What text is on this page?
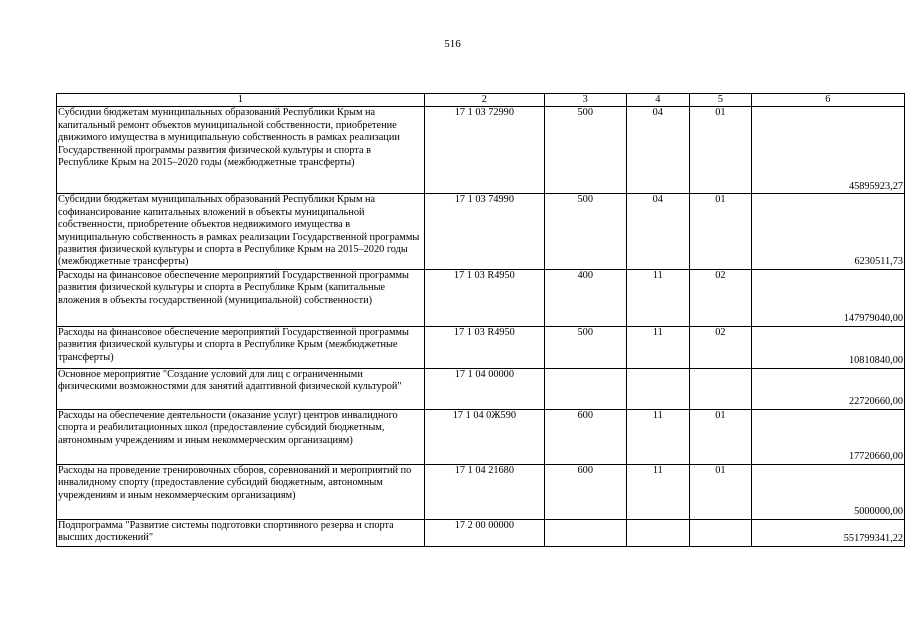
516
1	2	3	4	5	6
Субсидии бюджетам муниципальных образований Республики Крым на капитальный ремонт объектов муниципальной собственности, приобретение движимого имущества в муниципальную собственность в рамках реализации Государственной программы развития физической культуры и спорта в Республике Крым на 2015–2020 годы (межбюджетные трансферты)	17 1 03 72990	500	04	01	45895923,27
Субсидии бюджетам муниципальных образований Республики Крым на софинансирование капитальных вложений в объекты муниципальной собственности, приобретение объектов недвижимого имущества в муниципальную собственность в рамках реализации Государственной программы развития физической культуры и спорта в Республике Крым на 2015–2020 годы (межбюджетные трансферты)	17 1 03 74990	500	04	01	6230511,73
Расходы на финансовое обеспечение мероприятий Государственной программы развития физической культуры и спорта в Республике Крым (капитальные вложения в объекты государственной (муниципальной) собственности)	17 1 03 R4950	400	11	02	147979040,00
Расходы на финансовое обеспечение мероприятий Государственной программы развития физической культуры и спорта в Республике Крым (межбюджетные трансферты)	17 1 03 R4950	500	11	02	10810840,00
Основное мероприятие "Создание условий для лиц с ограниченными физическими возможностями для занятий адаптивной физической культурой"	17 1 04 00000				22720660,00
Расходы на обеспечение деятельности (оказание услуг) центров инвалидного спорта и реабилитационных школ (предоставление субсидий бюджетным, автономным учреждениям и иным некоммерческим организациям)	17 1 04 0Ж590	600	11	01	17720660,00
Расходы на проведение тренировочных сборов, соревнований и мероприятий по инвалидному спорту (предоставление субсидий бюджетным, автономным учреждениям и иным некоммерческим организациям)	17 1 04 21680	600	11	01	5000000,00
Подпрограмма "Развитие системы подготовки спортивного резерва и спорта высших достижений"	17 2 00 00000				551799341,22
